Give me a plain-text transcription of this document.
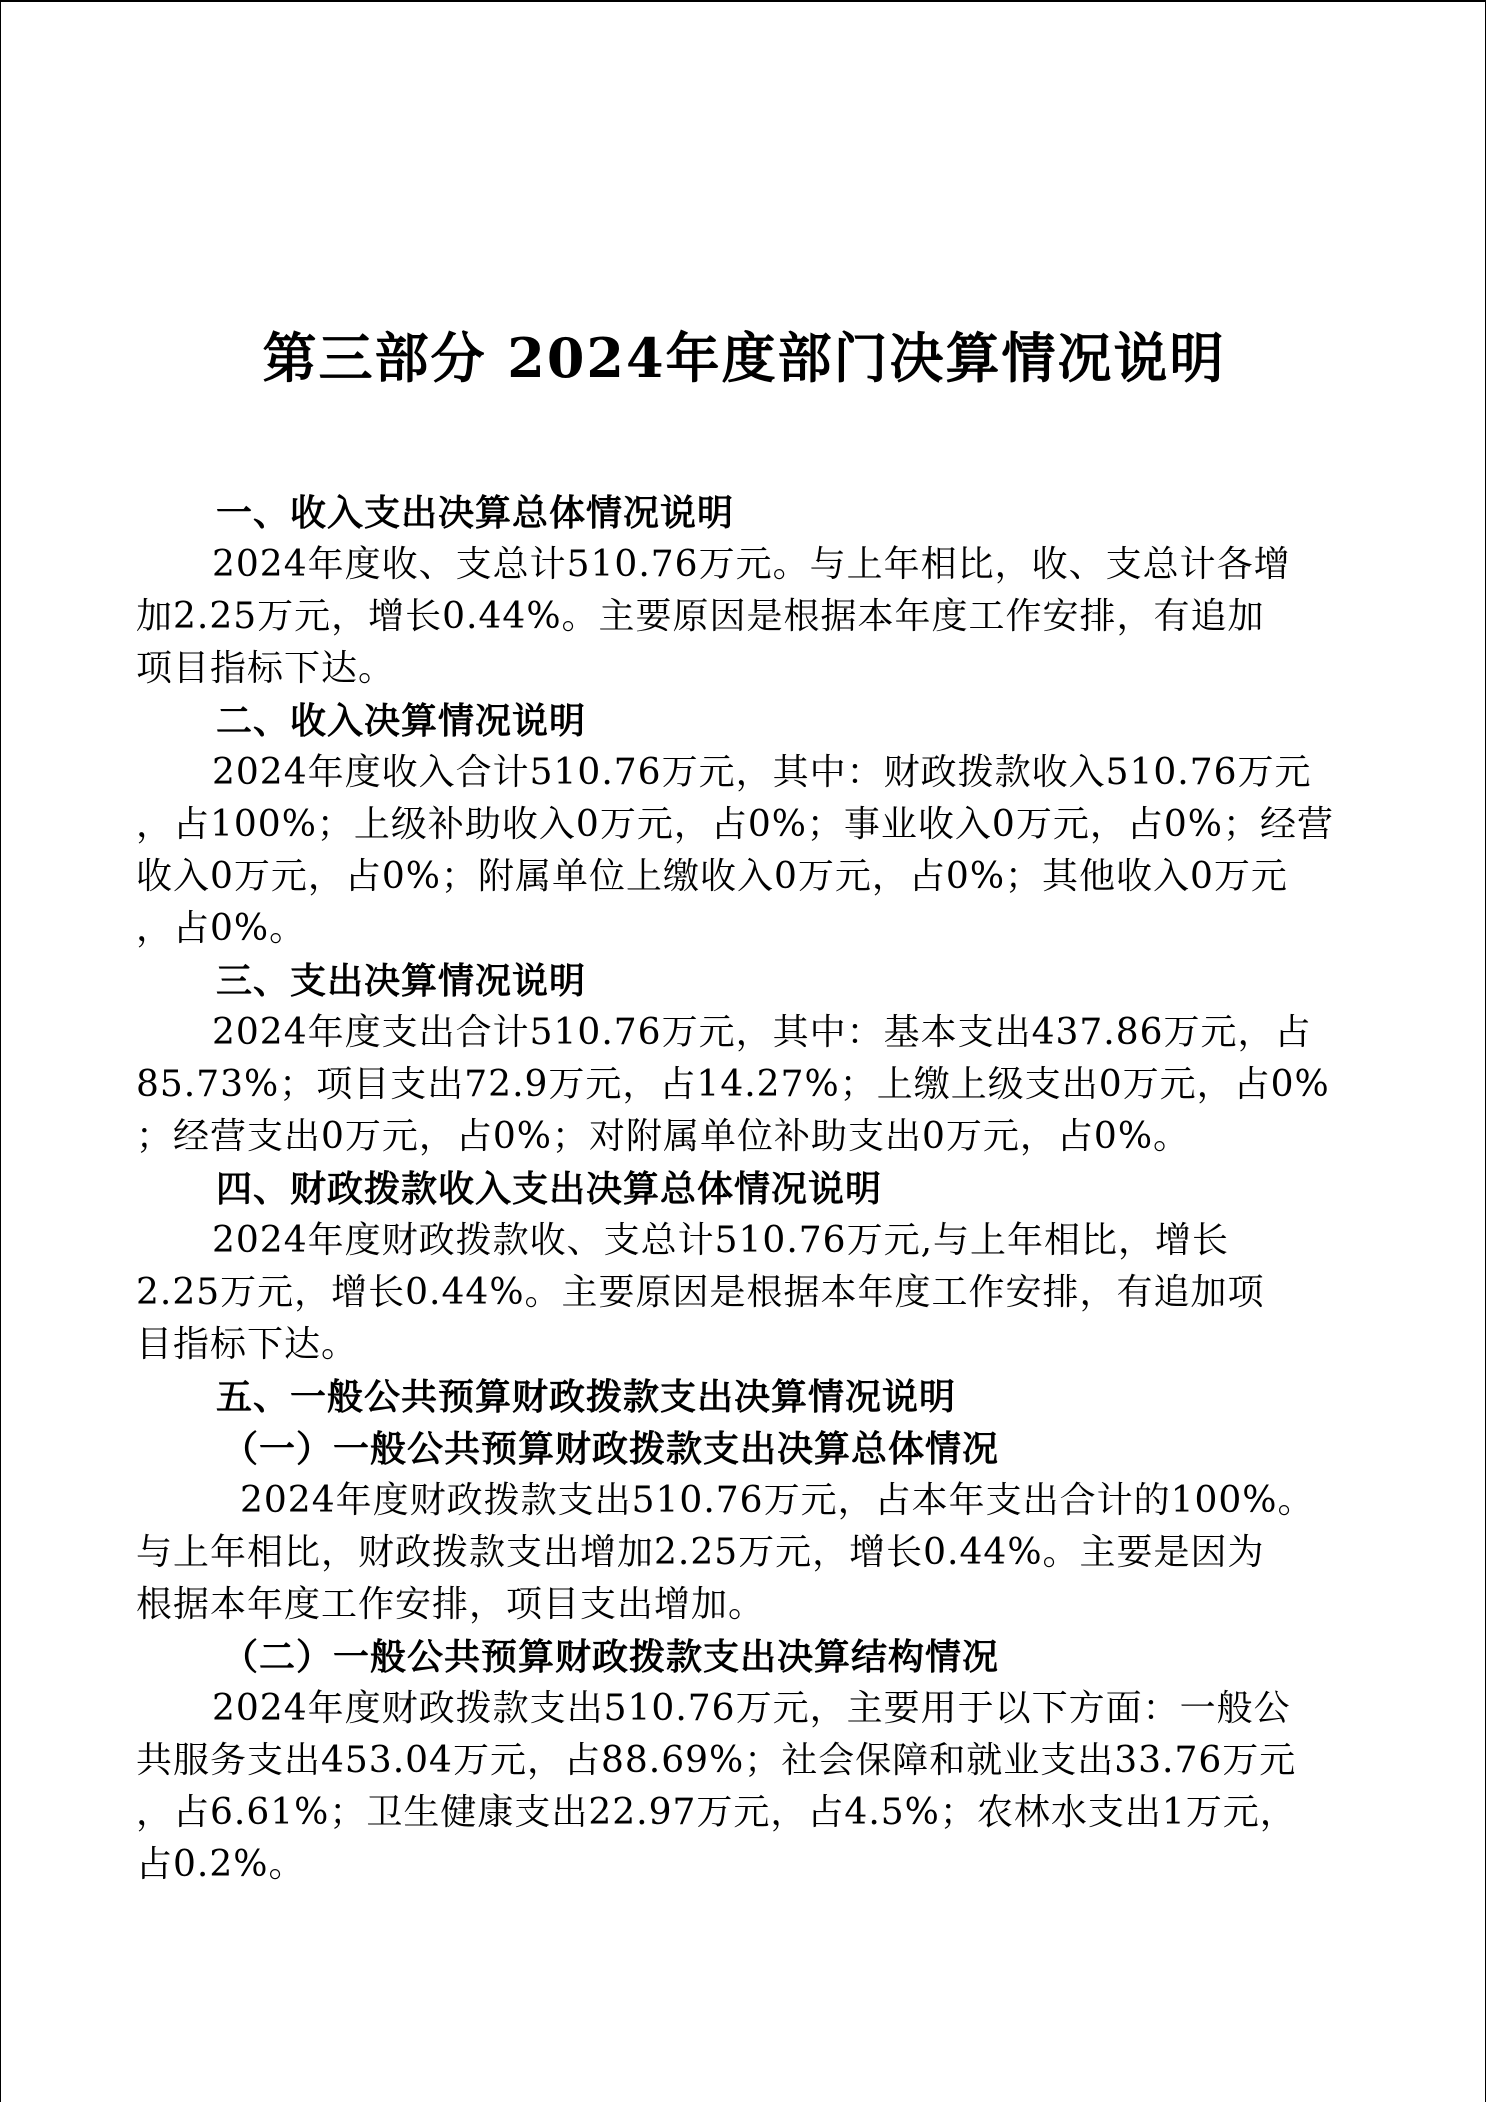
第三部分 2024年度部门决算情况说明
一、收入支出决算总体情况说明
2024年度收、支总计510.76万元。与上年相比，收、支总计各增
加2.25万元，增长0.44%。主要原因是根据本年度工作安排，有追加
项目指标下达。
二、收入决算情况说明
2024年度收入合计510.76万元，其中：财政拨款收入510.76万元
，占100%；上级补助收入0万元，占0%；事业收入0万元，占0%；经营
收入0万元，占0%；附属单位上缴收入0万元，占0%；其他收入0万元
，占0%。
三、支出决算情况说明
2024年度支出合计510.76万元，其中：基本支出437.86万元，占
85.73%；项目支出72.9万元，占14.27%；上缴上级支出0万元，占0%
；经营支出0万元，占0%；对附属单位补助支出0万元，占0%。
四、财政拨款收入支出决算总体情况说明
2024年度财政拨款收、支总计510.76万元,与上年相比，增长
2.25万元，增长0.44%。主要原因是根据本年度工作安排，有追加项
目指标下达。
五、一般公共预算财政拨款支出决算情况说明
（一）一般公共预算财政拨款支出决算总体情况
2024年度财政拨款支出510.76万元，占本年支出合计的100%。
与上年相比，财政拨款支出增加2.25万元，增长0.44%。主要是因为
根据本年度工作安排，项目支出增加。
（二）一般公共预算财政拨款支出决算结构情况
2024年度财政拨款支出510.76万元，主要用于以下方面：一般公
共服务支出453.04万元，占88.69%；社会保障和就业支出33.76万元
，占6.61%；卫生健康支出22.97万元，占4.5%；农林水支出1万元，
占0.2%。
